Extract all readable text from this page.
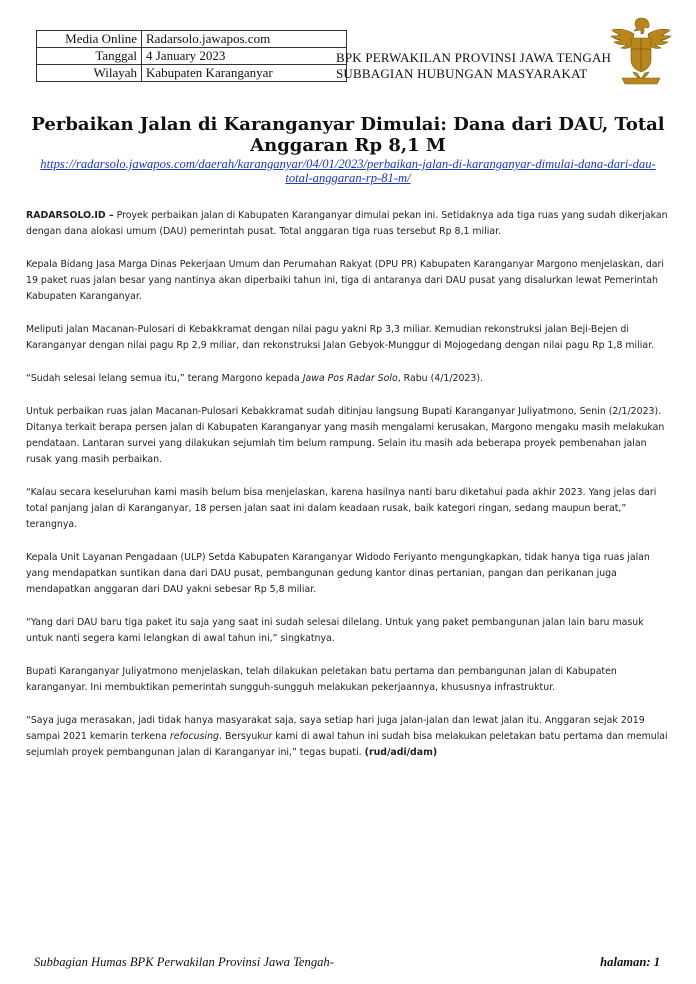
Media Online	Radarsolo.jawapos.com
Tanggal	4 January 2023
Wilayah	Kabupaten Karanganyar
BPK PERWAKILAN PROVINSI JAWA TENGAH
SUBBAGIAN HUBUNGAN MASYARAKAT
Perbaikan Jalan di Karanganyar Dimulai: Dana dari DAU, Total Anggaran Rp 8,1 M
https://radarsolo.jawapos.com/daerah/karanganyar/04/01/2023/perbaikan-jalan-di-karanganyar-dimulai-dana-dari-dau-total-anggaran-rp-81-m/

RADARSOLO.ID – Proyek perbaikan jalan di Kabupaten Karanganyar dimulai pekan ini. Setidaknya ada tiga ruas yang sudah dikerjakan dengan dana alokasi umum (DAU) pemerintah pusat. Total anggaran tiga ruas tersebut Rp 8,1 miliar.

Kepala Bidang Jasa Marga Dinas Pekerjaan Umum dan Perumahan Rakyat (DPU PR) Kabupaten Karanganyar Margono menjelaskan, dari 19 paket ruas jalan besar yang nantinya akan diperbaiki tahun ini, tiga di antaranya dari DAU pusat yang disalurkan lewat Pemerintah Kabupaten Karanganyar.

Meliputi jalan Macanan-Pulosari di Kebakkramat dengan nilai pagu yakni Rp 3,3 miliar. Kemudian rekonstruksi jalan Beji-Bejen di Karanganyar dengan nilai pagu Rp 2,9 miliar, dan rekonstruksi Jalan Gebyok-Munggur di Mojogedang dengan nilai pagu Rp 1,8 miliar.

“Sudah selesai lelang semua itu,” terang Margono kepada Jawa Pos Radar Solo, Rabu (4/1/2023).

Untuk perbaikan ruas jalan Macanan-Pulosari Kebakkramat sudah ditinjau langsung Bupati Karanganyar Juliyatmono, Senin (2/1/2023). Ditanya terkait berapa persen jalan di Kabupaten Karanganyar yang masih mengalami kerusakan, Margono mengaku masih melakukan pendataan. Lantaran survei yang dilakukan sejumlah tim belum rampung. Selain itu masih ada beberapa proyek pembenahan jalan rusak yang masih perbaikan.

“Kalau secara keseluruhan kami masih belum bisa menjelaskan, karena hasilnya nanti baru diketahui pada akhir 2023. Yang jelas dari total panjang jalan di Karanganyar, 18 persen jalan saat ini dalam keadaan rusak, baik kategori ringan, sedang maupun berat,” terangnya.

Kepala Unit Layanan Pengadaan (ULP) Setda Kabupaten Karanganyar Widodo Feriyanto mengungkapkan, tidak hanya tiga ruas jalan yang mendapatkan suntikan dana dari DAU pusat, pembangunan gedung kantor dinas pertanian, pangan dan perikanan juga mendapatkan anggaran dari DAU yakni sebesar Rp 5,8 miliar.

“Yang dari DAU baru tiga paket itu saja yang saat ini sudah selesai dilelang. Untuk yang paket pembangunan jalan lain baru masuk untuk nanti segera kami lelangkan di awal tahun ini,” singkatnya.

Bupati Karanganyar Juliyatmono menjelaskan, telah dilakukan peletakan batu pertama dan pembangunan jalan di Kabupaten karanganyar. Ini membuktikan pemerintah sungguh-sungguh melakukan pekerjaannya, khususnya infrastruktur.

“Saya juga merasakan, jadi tidak hanya masyarakat saja, saya setiap hari juga jalan-jalan dan lewat jalan itu. Anggaran sejak 2019 sampai 2021 kemarin terkena refocusing. Bersyukur kami di awal tahun ini sudah bisa melakukan peletakan batu pertama dan memulai sejumlah proyek pembangunan jalan di Karanganyar ini,” tegas bupati. (rud/adi/dam)

Subbagian Humas BPK Perwakilan Provinsi Jawa Tengah-	halaman: 1
